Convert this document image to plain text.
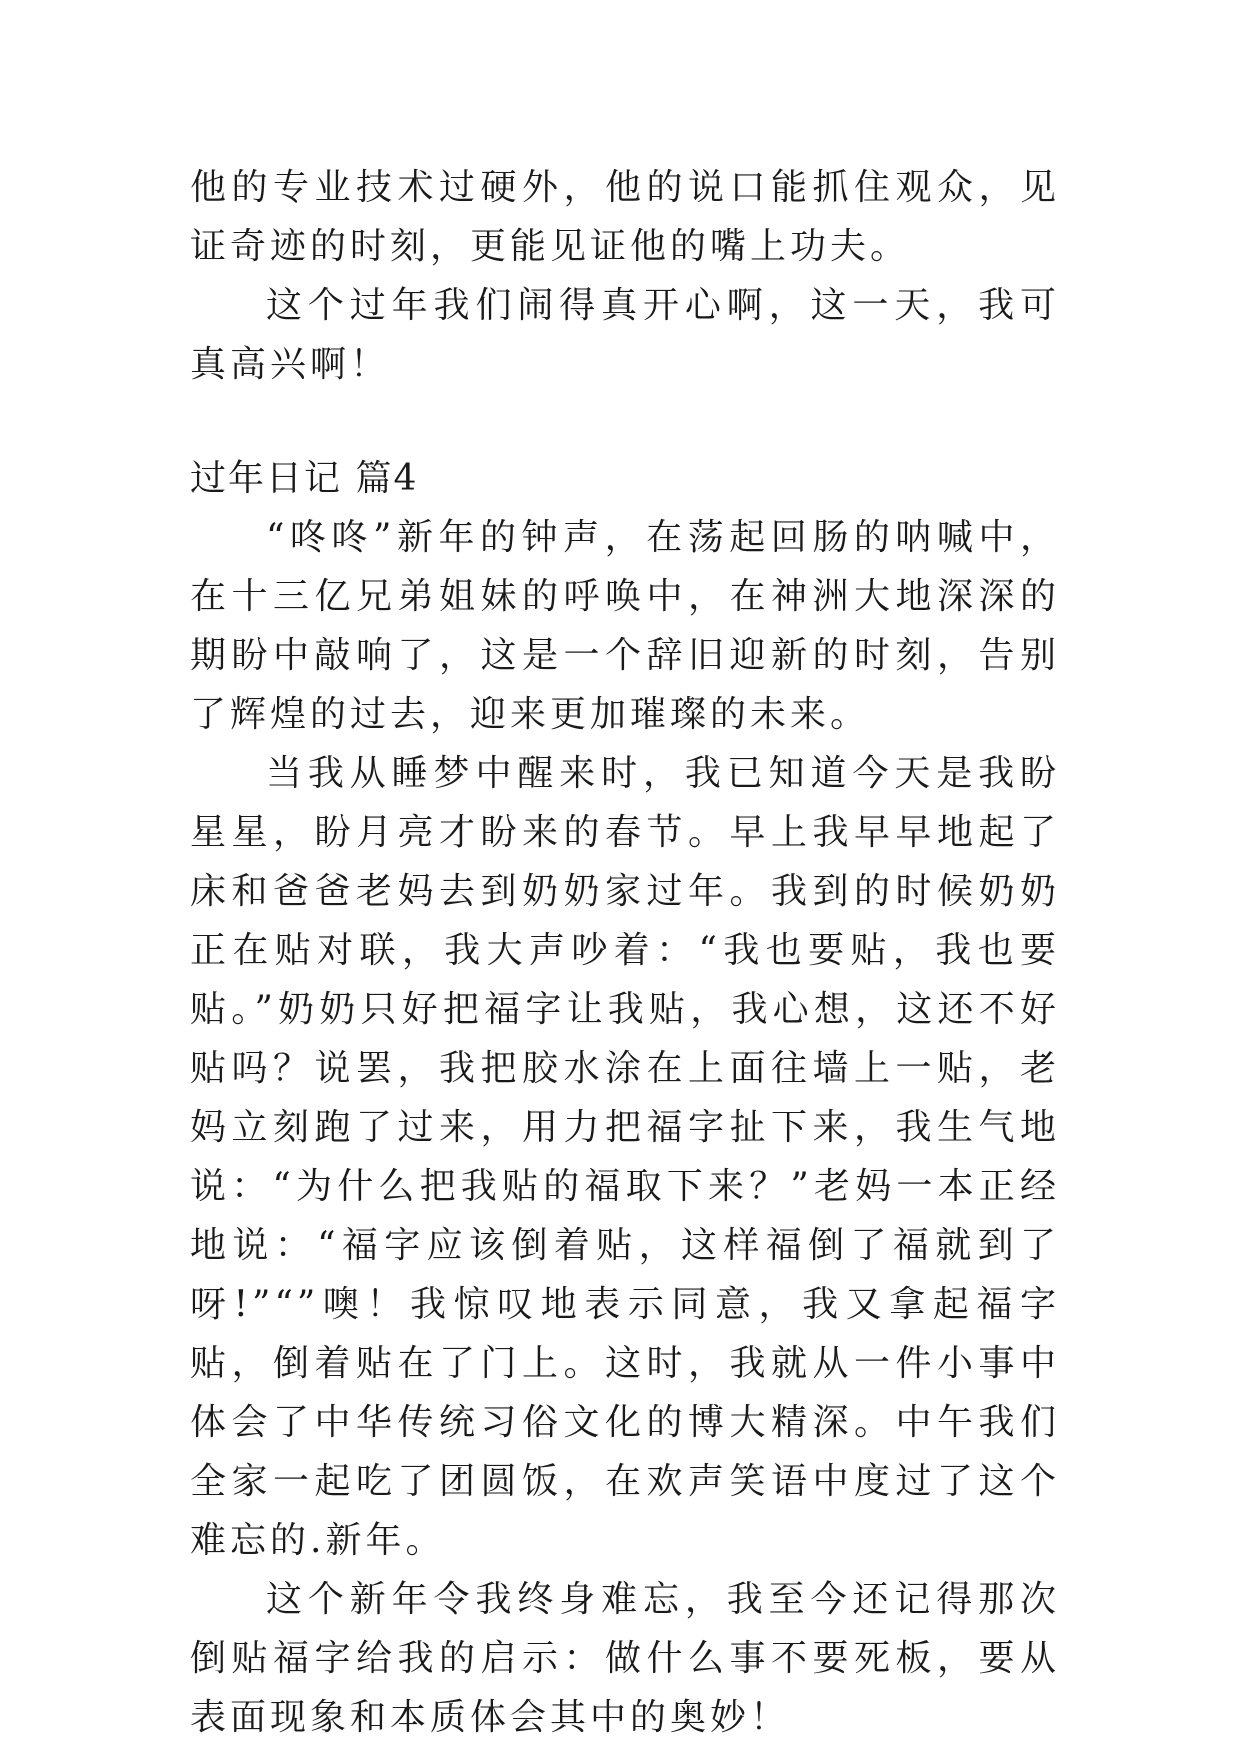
他的专业技术过硬外，他的说口能抓住观众，见证奇迹的时刻，更能见证他的嘴上功夫。

这个过年我们闹得真开心啊，这一天，我可真高兴啊！

过年日记 篇4

“咚咚”新年的钟声，在荡起回肠的呐喊中，在十三亿兄弟姐妹的呼唤中，在神洲大地深深的期盼中敲响了，这是一个辞旧迎新的时刻，告别了辉煌的过去，迎来更加璀璨的未来。

当我从睡梦中醒来时，我已知道今天是我盼星星，盼月亮才盼来的春节。早上我早早地起了床和爸爸老妈去到奶奶家过年。我到的时候奶奶正在贴对联，我大声吵着：“我也要贴，我也要贴。”奶奶只好把福字让我贴，我心想，这还不好贴吗？说罢，我把胶水涂在上面往墙上一贴，老妈立刻跑了过来，用力把福字扯下来，我生气地说：“为什么把我贴的福取下来？”老妈一本正经地说：“福字应该倒着贴，这样福倒了福就到了呀!”“”噢！我惊叹地表示同意，我又拿起福字贴，倒着贴在了门上。这时，我就从一件小事中体会了中华传统习俗文化的博大精深。中午我们全家一起吃了团圆饭，在欢声笑语中度过了这个难忘的.新年。

这个新年令我终身难忘，我至今还记得那次倒贴福字给我的启示：做什么事不要死板，要从表面现象和本质体会其中的奥妙！
